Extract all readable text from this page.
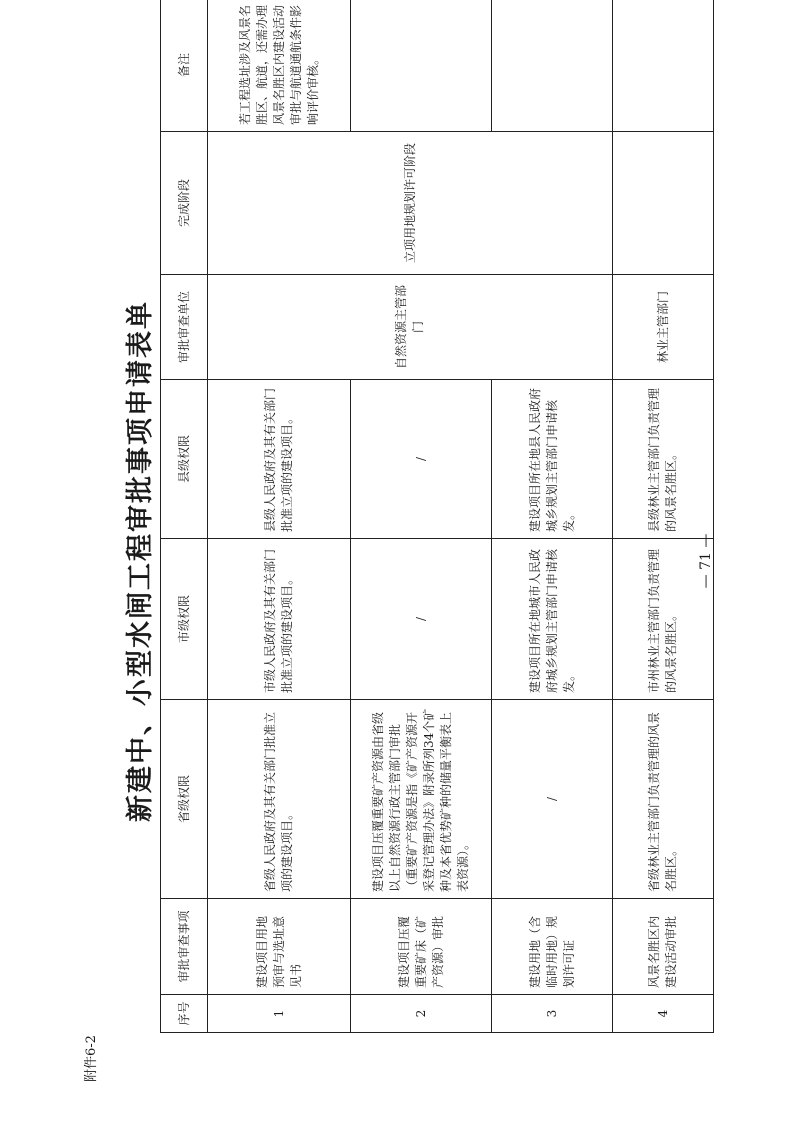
附件6-2
新建中、小型水闸工程审批事项申请表单
序号	审批审查事项	省级权限	市级权限	县级权限	审批审查单位	完成阶段	备注
1	建设项目用地预审与选址意见书	省级人民政府及其有关部门批准立项的建设项目。	市级人民政府及其有关部门批准立项的建设项目。	县级人民政府及其有关部门批准立项的建设项目。	自然资源主管部门	立项用地规划许可阶段	若工程选址涉及风景名胜区、航道，还需办理风景名胜区内建设活动审批与航道通航条件影响评价审核。
2	建设项目压覆重要矿床（矿产资源）审批	建设项目压覆重要矿产资源由省级以上自然资源行政主管部门审批（重要矿产资源是指《矿产资源开采登记管理办法》附录所列34个矿种及本省优势矿种的储量平衡表上表资源）。	/	/			
3	建设用地（含临时用地）规划许可证	/	建设项目所在地城市人民政府城乡规划主管部门申请核发。	建设项目所在地县人民政府城乡规划主管部门申请核发。			
4	风景名胜区内建设活动审批	省级林业主管部门负责管理的风景名胜区。	市州林业主管部门负责管理的风景名胜区。	县级林业主管部门负责管理的风景名胜区。	林业主管部门		
— 71 —
